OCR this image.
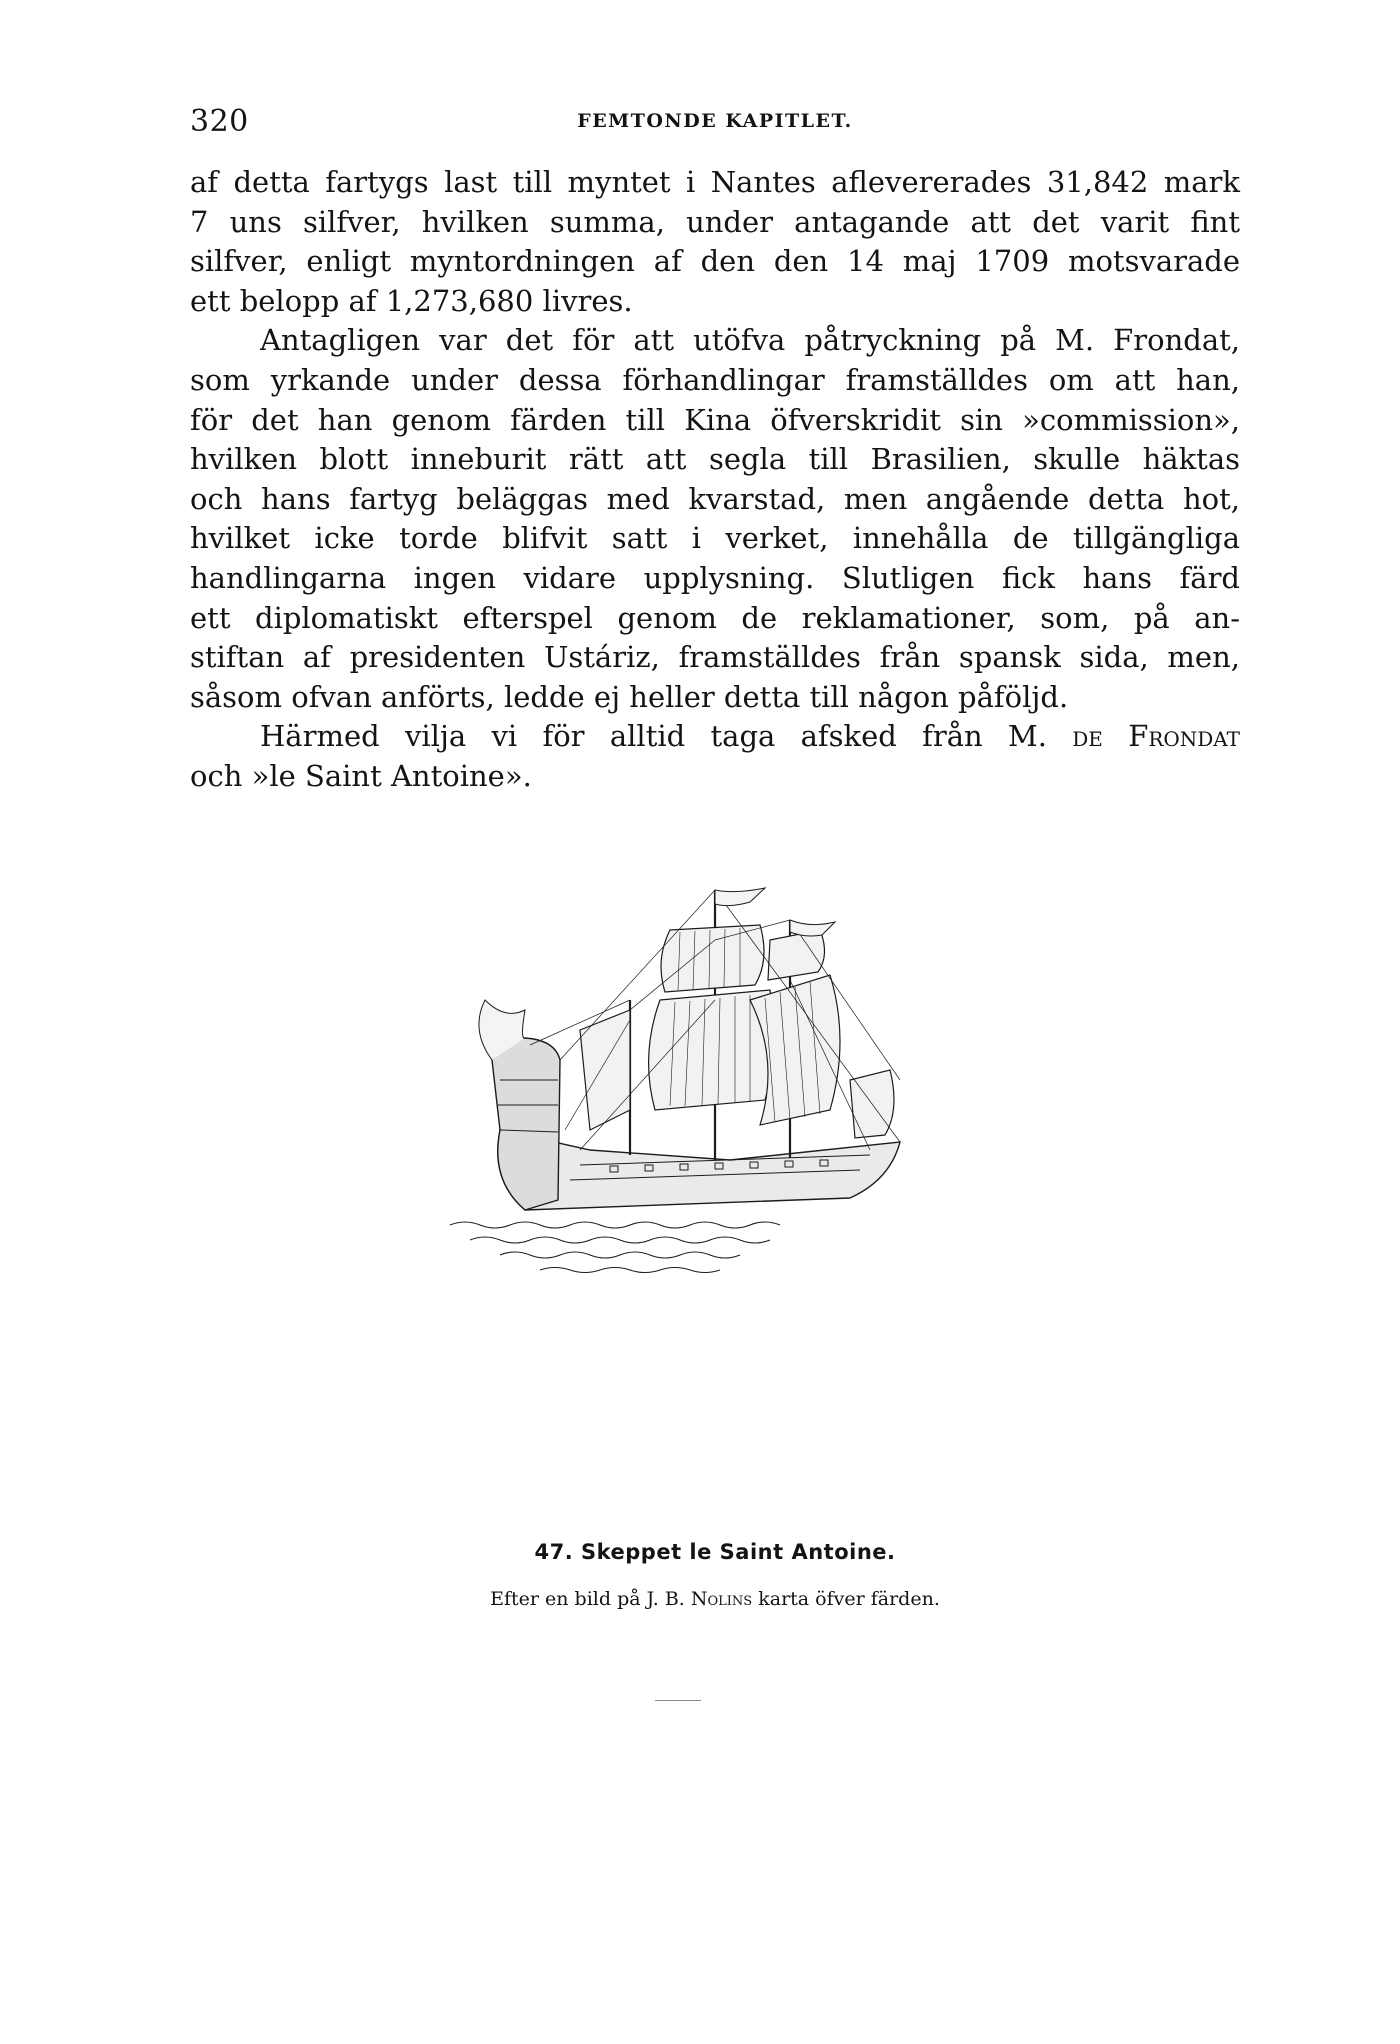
320	FEMTONDE KAPITLET.
af detta fartygs last till myntet i Nantes aflevererades 31,842 mark
7 uns silfver, hvilken summa, under antagande att det varit fint
silfver, enligt myntordningen af den den 14 maj 1709 motsvarade
ett belopp af 1,273,680 livres.
Antagligen var det för att utöfva påtryckning på M. Frondat,
som yrkande under dessa förhandlingar framställdes om att han,
för det han genom färden till Kina öfverskridit sin »commission»,
hvilken blott inneburit rätt att segla till Brasilien, skulle häktas
och hans fartyg beläggas med kvarstad, men angående detta hot,
hvilket icke torde blifvit satt i verket, innehålla de tillgängliga
handlingarna ingen vidare upplysning. Slutligen fick hans färd
ett diplomatiskt efterspel genom de reklamationer, som, på an-
stiftan af presidenten Ustáriz, framställdes från spansk sida, men,
såsom ofvan anförts, ledde ej heller detta till någon påföljd.
Härmed vilja vi för alltid taga afsked från M. de Frondat
och »le Saint Antoine».
47. Skeppet le Saint Antoine.
Efter en bild på J. B. Nolins karta öfver färden.
